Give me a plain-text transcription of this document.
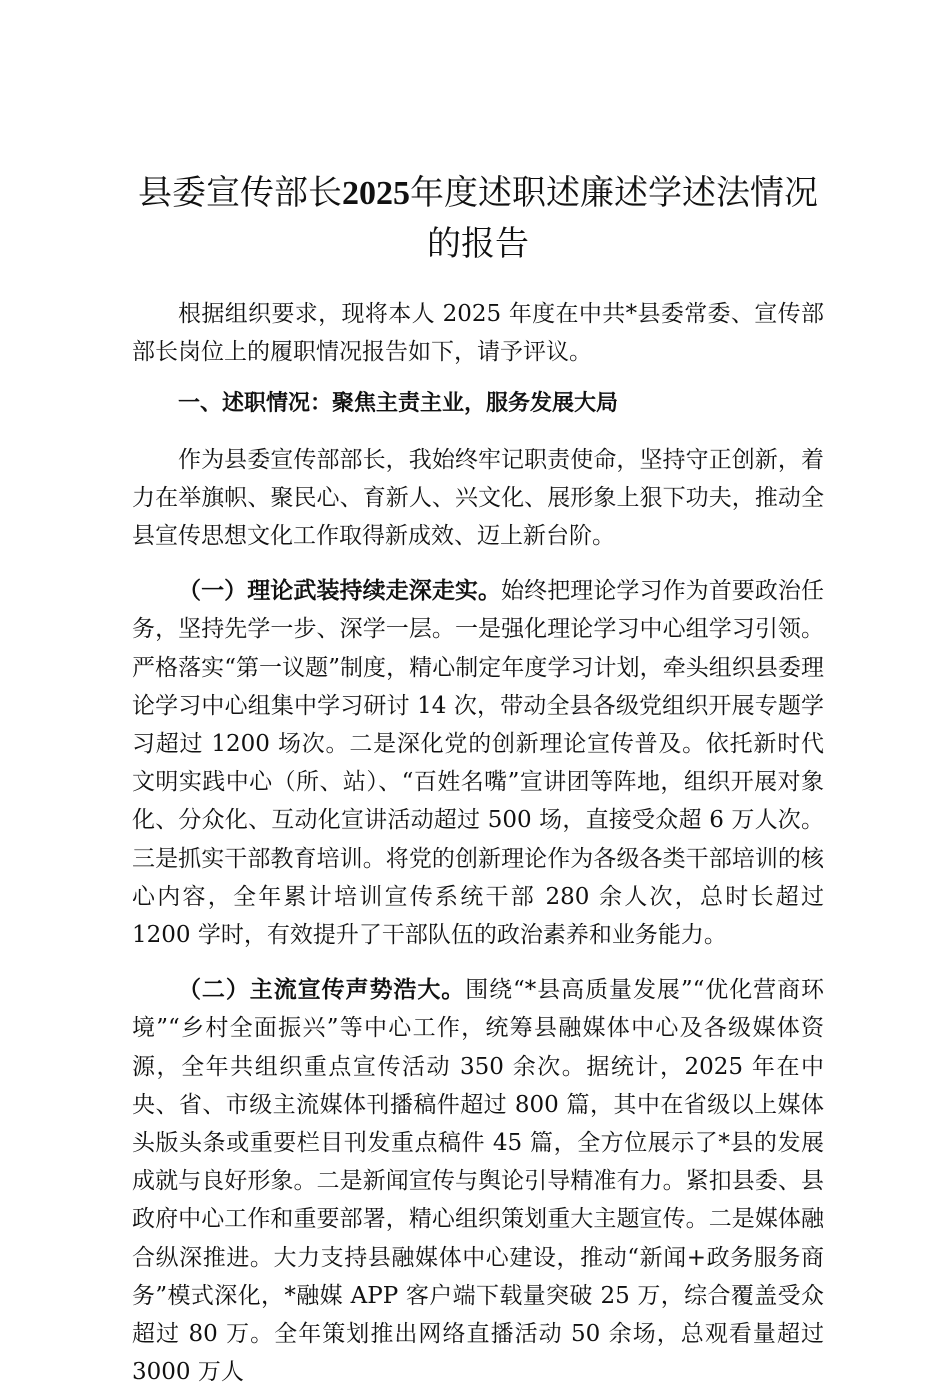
县委宣传部长2025年度述职述廉述学述法情况的报告

根据组织要求，现将本人 2025 年度在中共*县委常委、宣传部部长岗位上的履职情况报告如下，请予评议。

一、述职情况：聚焦主责主业，服务发展大局

作为县委宣传部部长，我始终牢记职责使命，坚持守正创新，着力在举旗帜、聚民心、育新人、兴文化、展形象上狠下功夫，推动全县宣传思想文化工作取得新成效、迈上新台阶。

（一）理论武装持续走深走实。始终把理论学习作为首要政治任务，坚持先学一步、深学一层。一是强化理论学习中心组学习引领。严格落实“第一议题”制度，精心制定年度学习计划，牵头组织县委理论学习中心组集中学习研讨 14 次，带动全县各级党组织开展专题学习超过 1200 场次。二是深化党的创新理论宣传普及。依托新时代文明实践中心（所、站）、“百姓名嘴”宣讲团等阵地，组织开展对象化、分众化、互动化宣讲活动超过 500 场，直接受众超 6 万人次。三是抓实干部教育培训。将党的创新理论作为各级各类干部培训的核心内容，全年累计培训宣传系统干部 280 余人次，总时长超过 1200 学时，有效提升了干部队伍的政治素养和业务能力。

（二）主流宣传声势浩大。围绕“*县高质量发展”“优化营商环境”“乡村全面振兴”等中心工作，统筹县融媒体中心及各级媒体资源，全年共组织重点宣传活动 350 余次。据统计，2025 年在中央、省、市级主流媒体刊播稿件超过 800 篇，其中在省级以上媒体头版头条或重要栏目刊发重点稿件 45 篇，全方位展示了*县的发展成就与良好形象。二是新闻宣传与舆论引导精准有力。紧扣县委、县政府中心工作和重要部署，精心组织策划重大主题宣传。二是媒体融合纵深推进。大力支持县融媒体中心建设，推动“新闻+政务服务商务”模式深化，*融媒 APP 客户端下载量突破 25 万，综合覆盖受众超过 80 万。全年策划推出网络直播活动 50 余场，总观看量超过 3000 万人
